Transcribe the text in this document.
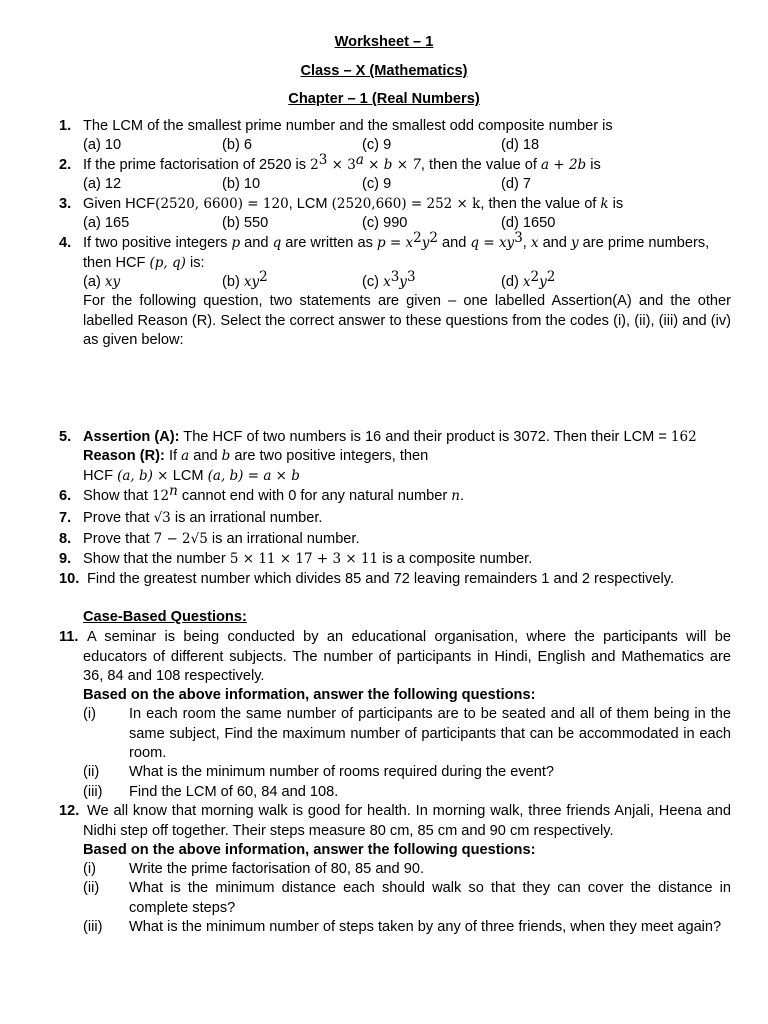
Worksheet – 1
Class – X (Mathematics)
Chapter – 1 (Real Numbers)
1. The LCM of the smallest prime number and the smallest odd composite number is
(a) 10	(b) 6	(c) 9	(d) 18
2. If the prime factorisation of 2520 is $2^3 \times 3^a \times b \times 7$, then the value of a + 2b is
(a) 12	(b) 10	(c) 9	(d) 7
3. Given HCF(2520, 6600) = 120, LCM (2520,660) = 252 × k, then the value of k is
(a) 165	(b) 550	(c) 990	(d) 1650
4. If two positive integers p and q are written as $p = x^2y^2$ and $q = xy^3$, x and y are prime numbers,
then HCF (p, q) is:
(a) xy	(b) $xy^2$	(c) $x^3y^3$	(d) $x^2y^2$
For the following question, two statements are given – one labelled Assertion(A) and the other labelled Reason (R). Select the correct answer to these questions from the codes (i), (ii), (iii) and (iv) as given below:
5. Assertion (A): The HCF of two numbers is 16 and their product is 3072. Then their LCM = 162
Reason (R): If a and b are two positive integers, then
HCF (a, b) × LCM (a, b) = a × b
6. Show that 12$^n$ cannot end with 0 for any natural number n.
7. Prove that √3 is an irrational number.
8. Prove that 7 − 2√5 is an irrational number.
9. Show that the number 5 × 11 × 17 + 3 × 11 is a composite number.
10. Find the greatest number which divides 85 and 72 leaving remainders 1 and 2 respectively.
Case-Based Questions:
11. A seminar is being conducted by an educational organisation, where the participants will be educators of different subjects. The number of participants in Hindi, English and Mathematics are 36, 84 and 108 respectively.
Based on the above information, answer the following questions:
(i) In each room the same number of participants are to be seated and all of them being in the same subject, Find the maximum number of participants that can be accommodated in each room.
(ii) What is the minimum number of rooms required during the event?
(iii) Find the LCM of 60, 84 and 108.
12. We all know that morning walk is good for health. In morning walk, three friends Anjali, Heena and Nidhi step off together. Their steps measure 80 cm, 85 cm and 90 cm respectively.
Based on the above information, answer the following questions:
(i) Write the prime factorisation of 80, 85 and 90.
(ii) What is the minimum distance each should walk so that they can cover the distance in complete steps?
(iii) What is the minimum number of steps taken by any of three friends, when they meet again?
